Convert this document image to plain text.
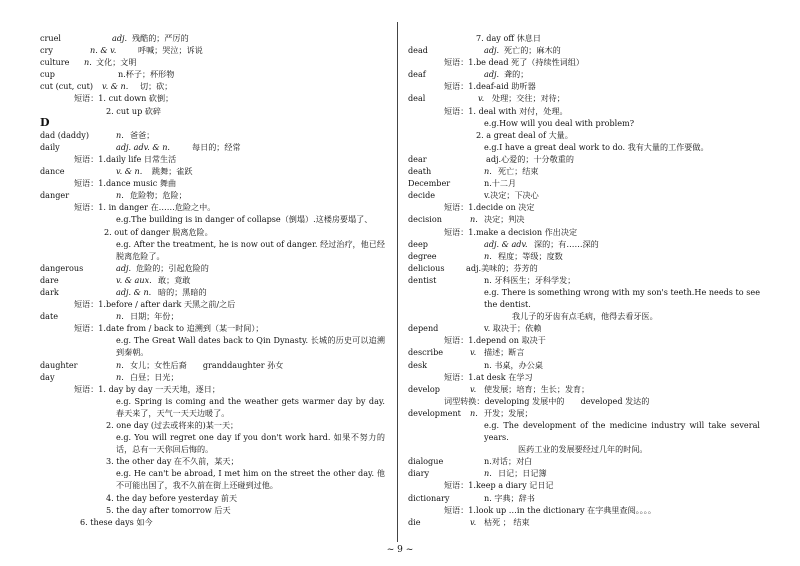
cruel	adj. 残酷的；严厉的
cry	n. & v.	呼喊；哭泣；诉说
culture n. 文化；文明
cup	n.杯子；杯形物
cut (cut, cut) v. & n. 切；砍；
短语：1. cut down 砍倒；
2. cut up 砍碎
D
dad (daddy)	n. 爸爸；
daily	adj. adv. & n.	每日的；经常
短语：1.daily life 日常生活
dance	v. & n. 跳舞；雀跃
短语：1.dance music 舞曲
danger	n. 危险物；危险；
短语：1. in danger 在……危险之中。
e.g.The building is in danger of collapse（倒塌）.这楼房要塌了、
2. out of danger 脱离危险。
e.g. After the treatment, he is now out of danger. 经过治疗，他已经脱离危险了。
dangerous	adj. 危险的；引起危险的
dare	v. & aux. 敢；竟敢
dark	adj. & n. 暗的；黑暗的
短语：1.before / after dark 天黑之前/之后
date	n. 日期；年份；
短语：1.date from / back to 追溯到（某一时间）；
e.g. The Great Wall dates back to Qin Dynasty. 长城的历史可以追溯到秦朝。
daughter	n. 女儿；女性后裔　　granddaughter 孙女
day	n. 白昼；日光；
短语：1. day by day 一天天地，逐日；
e.g. Spring is coming and the weather gets warmer day by day. 春天来了，天气一天天边暖了。
2. one day (过去或将来的)某一天；
e.g. You will regret one day if you don't work hard. 如果不努力的话，总有一天你回后悔的。
3. the other day 在不久前，某天；
e.g. He can't be abroad, I met him on the street the other day. 他不可能出国了，我不久前在街上还碰到过他。
4. the day before yesterday 前天
5. the day after tomorrow 后天
6. these days 如今
7. day off 休息日
dead	adj. 死亡的；麻木的
短语：1.be dead 死了（持续性词组）
deaf	adj. 聋的；
短语：1.deaf-aid 助听器
deal	v. 处理；交往；对待；
短语：1. deal with 对付，处理。
e.g.How will you deal with problem?
2. a great deal of 大量。
e.g.I have a great deal work to do. 我有大量的工作要做。
dear	adj.心爱的；十分敬重的
death	n. 死亡；结束
December	n.十二月
decide	v.决定；下决心
短语：1.decide on 决定
decision	n. 决定；判决
短语：1.make a decision 作出决定
deep	adj. & adv. 深的；有……深的
degree	n. 程度；等级；度数
delicious	adj.美味的；芬芳的
dentist	n. 牙科医生；牙科学发；
e.g. There is something wrong with my son's teeth.He needs to see the dentist.
我儿子的牙齿有点毛病，他得去看牙医。
depend	v. 取决于；依赖
短语：1.depend on 取决于
describe	v. 描述；断言
desk	n. 书桌，办公桌
短语：1.at desk 在学习
develop	v. 使发展；培育；生长；发育；
词型转换：developing 发展中的　　developed 发达的
development n. 开发；发展；
e.g. The development of the medicine industry will take several years.
医药工业的发展要经过几年的时间。
dialogue	n.对话；对白
diary	n. 日记；日记簿
短语：1.keep a diary 记日记
dictionary	n. 字典；辞书
短语：1.look up …in the dictionary 在字典里查阅。。。。
die	v. 枯死 ； 结束
~ 9 ~
